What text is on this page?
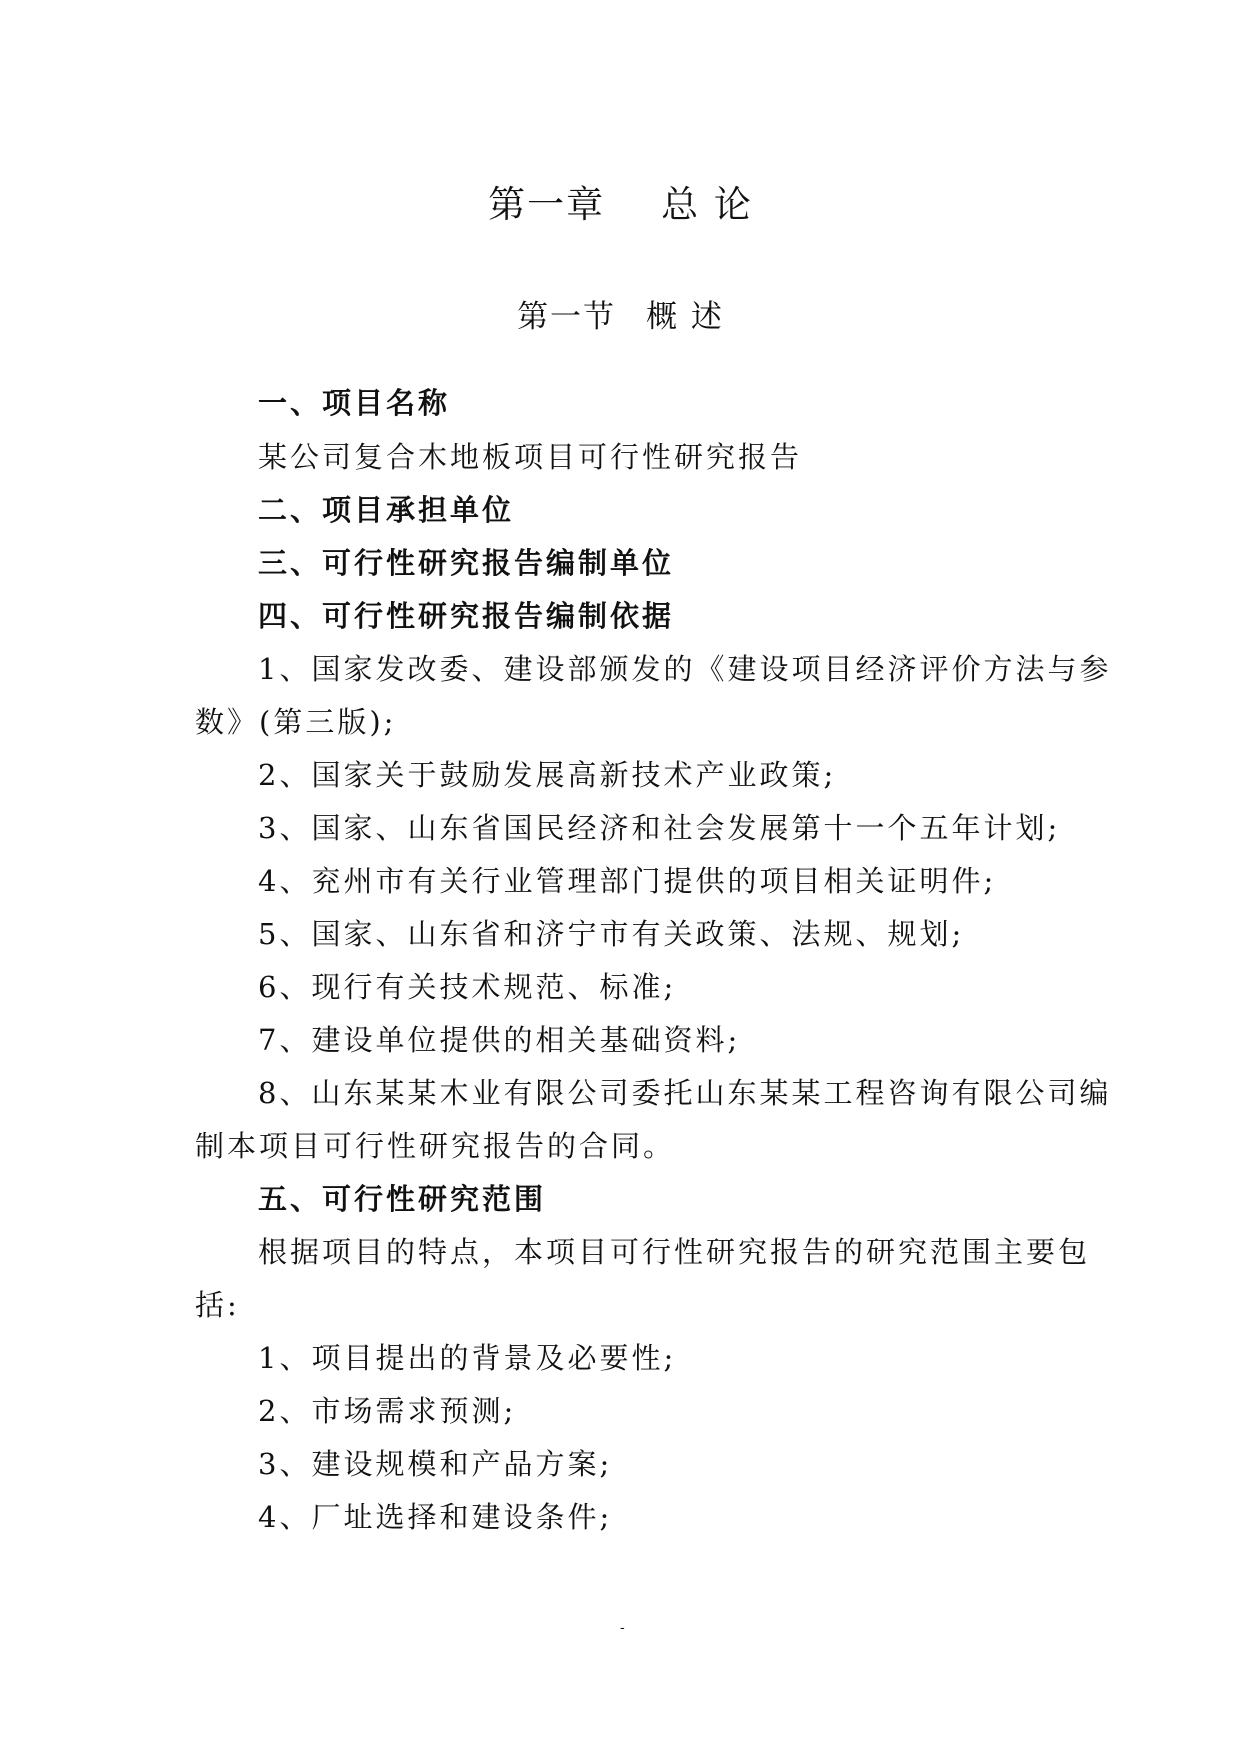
第一章 总 论
第一节 概 述
一、项目名称
某公司复合木地板项目可行性研究报告
二、项目承担单位
三、可行性研究报告编制单位
四、可行性研究报告编制依据
1、国家发改委、建设部颁发的《建设项目经济评价方法与参
数》(第三版);
2、国家关于鼓励发展高新技术产业政策;
3、国家、山东省国民经济和社会发展第十一个五年计划;
4、兖州市有关行业管理部门提供的项目相关证明件;
5、国家、山东省和济宁市有关政策、法规、规划;
6、现行有关技术规范、标准;
7、建设单位提供的相关基础资料;
8、山东某某木业有限公司委托山东某某工程咨询有限公司编
制本项目可行性研究报告的合同。
五、可行性研究范围
根据项目的特点，本项目可行性研究报告的研究范围主要包
括:
1、项目提出的背景及必要性;
2、市场需求预测;
3、建设规模和产品方案;
4、厂址选择和建设条件;
-
